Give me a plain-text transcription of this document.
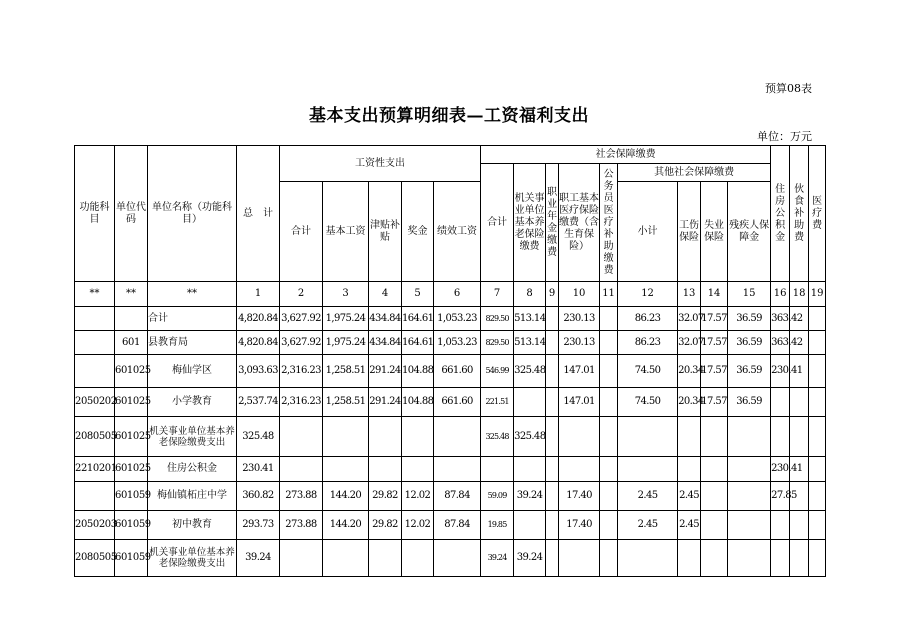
预算08表
基本支出预算明细表—工资福利支出
单位：万元
功能科目	单位代码	单位名称（功能科目）	总　计	工资性支出					社会保障缴费									住房公积金	伙食补助费	医疗费	
									合计	机关事业单位基本养老保险缴费	职业年金缴费	职工基本医疗保险缴费（含生育保险）	公务员医疗补助缴费	其他社会保障缴费							
				合计	基本工资	津贴补贴	奖金	绩效工资						小计	工伤保险	失业保险	残疾人保障金				

**	**	**	1	2	3	4	5	6	7	8	9	10	11	12	13	14	15	16	18	19	
		合计	4,820.84	3,627.92	1,975.24	434.84	164.61	1,053.23	829.50	513.14		230.13		86.23	32.07	17.57	36.59	363.42			
	601	县教育局	4,820.84	3,627.92	1,975.24	434.84	164.61	1,053.23	829.50	513.14		230.13		86.23	32.07	17.57	36.59	363.42			
	601025	梅仙学区	3,093.63	2,316.23	1,258.51	291.24	104.88	661.60	546.99	325.48		147.01		74.50	20.34	17.57	36.59	230.41			
2050202	601025	小学教育	2,537.74	2,316.23	1,258.51	291.24	104.88	661.60	221.51			147.01		74.50	20.34	17.57	36.59				
2080505	601025	机关事业单位基本养老保险缴费支出	325.48						325.48	325.48											
2210201	601025	住房公积金	230.41															230.41			
	601059	梅仙镇柘庄中学	360.82	273.88	144.20	29.82	12.02	87.84	59.09	39.24		17.40		2.45	2.45			27.85			
2050203	601059	初中教育	293.73	273.88	144.20	29.82	12.02	87.84	19.85			17.40		2.45	2.45						
2080505	601059	机关事业单位基本养老保险缴费支出	39.24						39.24	39.24											
